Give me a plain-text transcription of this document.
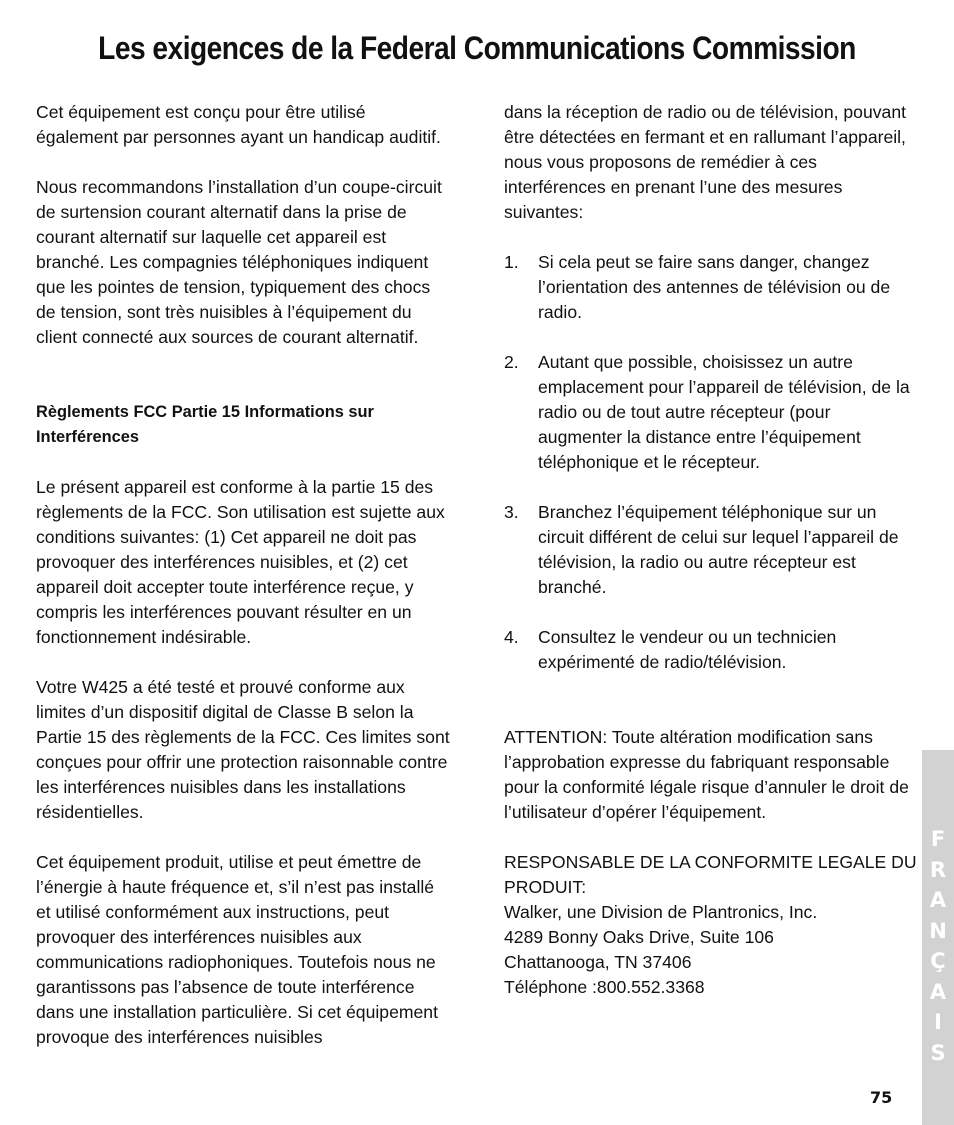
Les exigences de la Federal Communications Commission

Cet équipement est conçu pour être utilisé également par personnes ayant un handicap auditif.

Nous recommandons l’installation d’un coupe-circuit de surtension courant alternatif dans la prise de courant alternatif sur laquelle cet appareil est branché. Les compagnies téléphoniques indiquent que les pointes de tension, typiquement des chocs de tension, sont très nuisibles à l’équipement du client connecté aux sources de courant alternatif.

Règlements FCC Partie 15 Informations sur Interférences

Le présent appareil est conforme à la partie 15 des règlements de la FCC. Son utilisation est sujette aux conditions suivantes: (1) Cet appareil ne doit pas provoquer des interférences nuisibles, et (2) cet appareil doit accepter toute interférence reçue, y compris les interférences pouvant résulter en un fonctionnement indésirable.

Votre W425 a été testé et prouvé conforme aux limites d’un dispositif digital de Classe B selon la Partie 15 des règlements de la FCC. Ces limites sont conçues pour offrir une protection raisonnable contre les interférences nuisibles dans les installations résidentielles.

Cet équipement produit, utilise et peut émettre de l’énergie à haute fréquence et, s’il n’est pas installé et utilisé conformément aux instructions, peut provoquer des interférences nuisibles aux communications radiophoniques. Toutefois nous ne garantissons pas l’absence de toute interférence dans une installation particulière. Si cet équipement provoque des interférences nuisibles

dans la réception de radio ou de télévision, pouvant être détectées en fermant et en rallumant l’appareil, nous vous proposons de remédier à ces interférences en prenant l’une des mesures suivantes:

1.	Si cela peut se faire sans danger, changez l’orientation des antennes de télévision ou de radio.
2.	Autant que possible, choisissez un autre emplacement pour l’appareil de télévision, de la radio ou de tout autre récepteur (pour augmenter la distance entre l’équipement téléphonique et le récepteur.
3.	Branchez l’équipement téléphonique sur un circuit différent de celui sur lequel l’appareil de télévision, la radio ou autre récepteur est branché.
4.	Consultez le vendeur ou un technicien expérimenté de radio/télévision.

ATTENTION: Toute altération modification sans l’approbation expresse du fabriquant responsable pour la conformité légale risque d’annuler le droit de l’utilisateur d’opérer l’équipement.

RESPONSABLE DE LA CONFORMITE LEGALE DU PRODUIT:

Walker, une Division de Plantronics, Inc.

4289 Bonny Oaks Drive, Suite 106

Chattanooga, TN 37406

Téléphone :800.552.3368

F
R
A
N
Ç
A
I
S
75
